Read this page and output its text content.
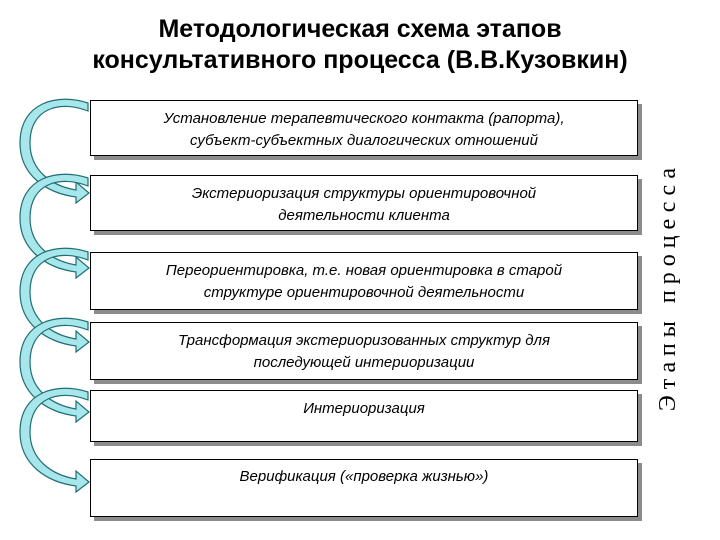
Методологическая схема этапов
консультативного процесса (В.В.Кузовкин)
Установление терапевтического контакта (рапорта),
субъект-субъектных диалогических отношений
Экстериоризация структуры ориентировочной
деятельности клиента
Переориентировка, т.е. новая ориентировка в старой
структуре ориентировочной деятельности
Трансформация экстериоризованных структур для
последующей интериоризации
Интериоризация
Верификация («проверка жизнью»)
Этапы процесса
